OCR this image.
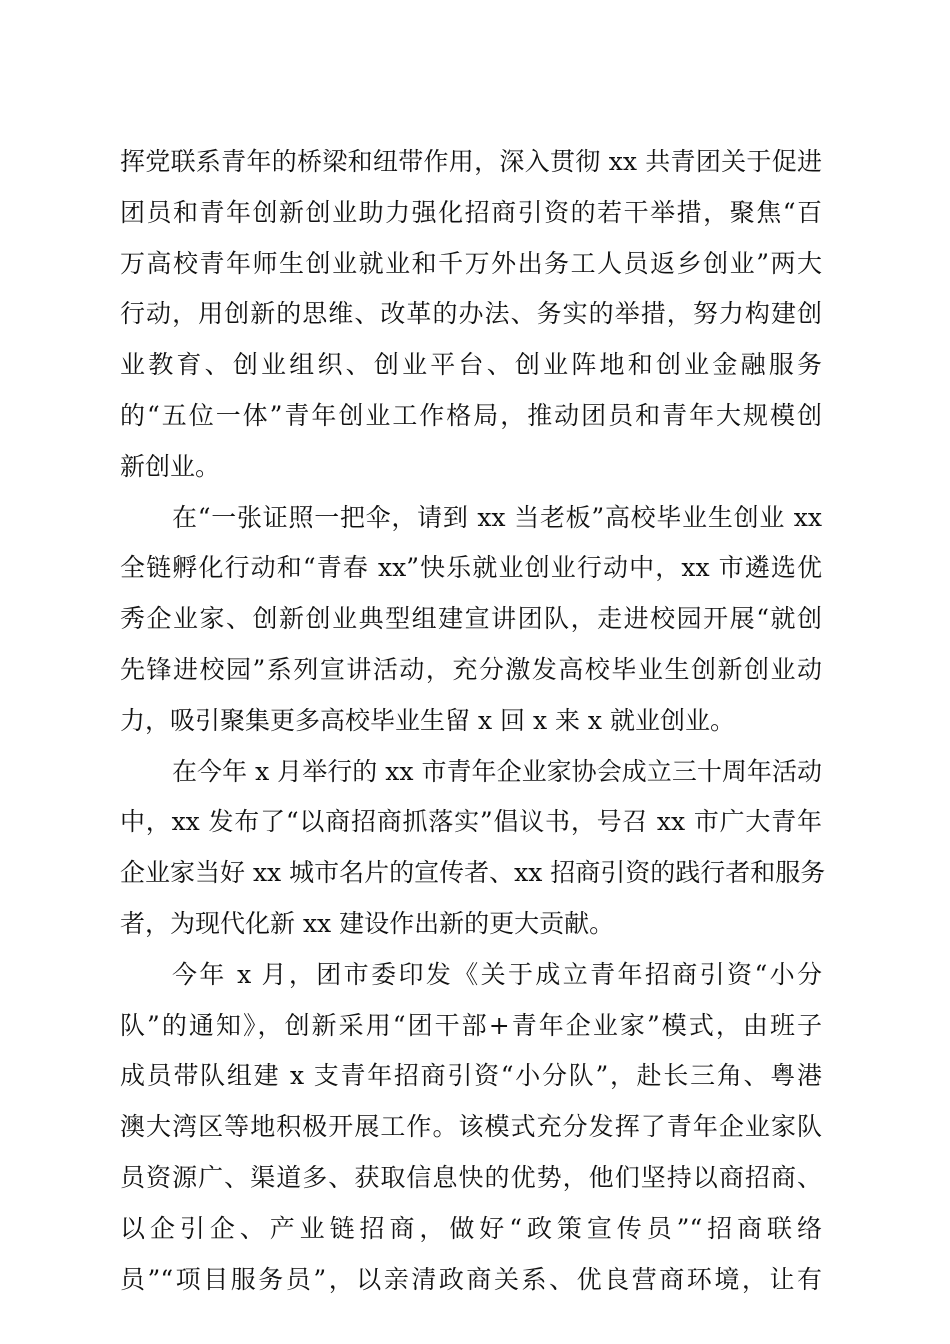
挥党联系青年的桥梁和纽带作用，深入贯彻 xx 共青团关于促进
团员和青年创新创业助力强化招商引资的若干举措，聚焦“百
万高校青年师生创业就业和千万外出务工人员返乡创业”两大
行动，用创新的思维、改革的办法、务实的举措，努力构建创
业教育、创业组织、创业平台、创业阵地和创业金融服务
的“五位一体”青年创业工作格局，推动团员和青年大规模创
新创业。
在“一张证照一把伞，请到 xx 当老板”高校毕业生创业 xx
全链孵化行动和“青春 xx”快乐就业创业行动中，xx 市遴选优
秀企业家、创新创业典型组建宣讲团队，走进校园开展“就创
先锋进校园”系列宣讲活动，充分激发高校毕业生创新创业动
力，吸引聚集更多高校毕业生留 x 回 x 来 x 就业创业。
在今年 x 月举行的 xx 市青年企业家协会成立三十周年活动
中，xx 发布了“以商招商抓落实”倡议书，号召 xx 市广大青年
企业家当好 xx 城市名片的宣传者、xx 招商引资的践行者和服务
者，为现代化新 xx 建设作出新的更大贡献。
今年 x 月，团市委印发《关于成立青年招商引资“小分
队”的通知》，创新采用“团干部+青年企业家”模式，由班子
成员带队组建 x 支青年招商引资“小分队”，赴长三角、粤港
澳大湾区等地积极开展工作。该模式充分发挥了青年企业家队
员资源广、渠道多、获取信息快的优势，他们坚持以商招商、
以企引企、产业链招商，做好“政策宣传员”“招商联络
员”“项目服务员”，以亲清政商关系、优良营商环境，让有
